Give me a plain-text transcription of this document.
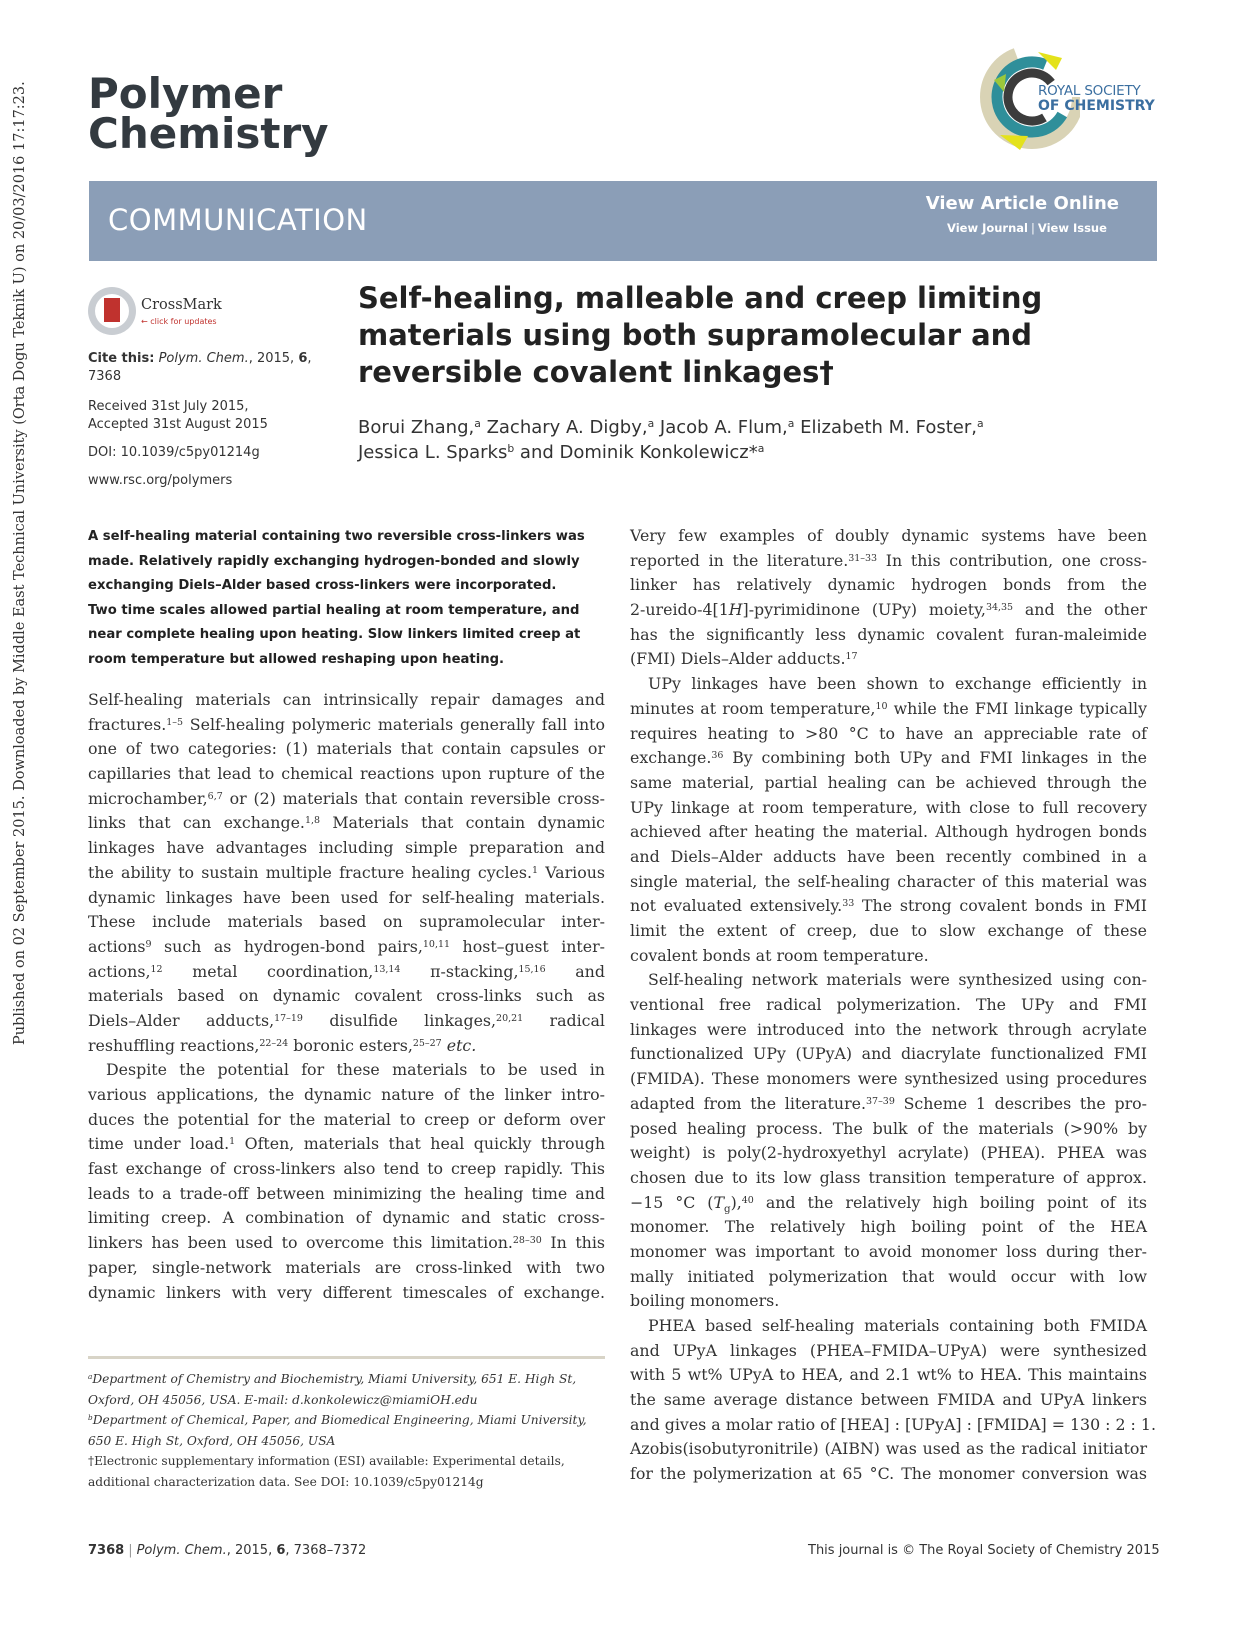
Published on 02 September 2015. Downloaded by Middle East Technical University (Orta Dogu Teknik U) on 20/03/2016 17:17:23. Polymer
Chemistry
ROYAL SOCIETY
OF CHEMISTRY
COMMUNICATION	View Article Online
View Journal | View Issue
CrossMark
← click for updates
Cite this: Polym. Chem., 2015, 6,
7368
Received 31st July 2015,
Accepted 31st August 2015
DOI: 10.1039/c5py01214g
www.rsc.org/polymers
Self-healing, malleable and creep limiting
materials using both supramolecular and
reversible covalent linkages†
Borui Zhang,$^a$ Zachary A. Digby,$^a$ Jacob A. Flum,$^a$ Elizabeth M. Foster,$^a$
Jessica L. Sparks$^b$ and Dominik Konkolewicz*$^a$
A self-healing material containing two reversible cross-linkers was
made. Relatively rapidly exchanging hydrogen-bonded and slowly
exchanging Diels–Alder based cross-linkers were incorporated.
Two time scales allowed partial healing at room temperature, and
near complete healing upon heating. Slow linkers limited creep at
room temperature but allowed reshaping upon heating.
Self-healing materials can intrinsically repair damages and
fractures.$^{1-5}$ Self-healing polymeric materials generally fall into
one of two categories: (1) materials that contain capsules or
capillaries that lead to chemical reactions upon rupture of the
microchamber,$^{6,7}$ or (2) materials that contain reversible cross-
links that can exchange.$^{1,8}$ Materials that contain dynamic
linkages have advantages including simple preparation and
the ability to sustain multiple fracture healing cycles.$^1$ Various
dynamic linkages have been used for self-healing materials.
These include materials based on supramolecular inter-
actions$^9$ such as hydrogen-bond pairs,$^{10,11}$ host–guest inter-
actions,$^{12}$ metal coordination,$^{13,14}$ π-stacking,$^{15,16}$ and
materials based on dynamic covalent cross-links such as
Diels–Alder adducts,$^{17-19}$ disulfide linkages,$^{20,21}$ radical
reshuffling reactions,$^{22-24}$ boronic esters,$^{25-27}$ etc.
Despite the potential for these materials to be used in
various applications, the dynamic nature of the linker intro-
duces the potential for the material to creep or deform over
time under load.$^1$ Often, materials that heal quickly through
fast exchange of cross-linkers also tend to creep rapidly. This
leads to a trade-off between minimizing the healing time and
limiting creep. A combination of dynamic and static cross-
linkers has been used to overcome this limitation.$^{28-30}$ In this
paper, single-network materials are cross-linked with two
dynamic linkers with very different timescales of exchange.
Very few examples of doubly dynamic systems have been
reported in the literature.$^{31-33}$ In this contribution, one cross-
linker has relatively dynamic hydrogen bonds from the
2-ureido-4[1H]-pyrimidinone (UPy) moiety,$^{34,35}$ and the other
has the significantly less dynamic covalent furan-maleimide
(FMI) Diels–Alder adducts.$^{17}$
UPy linkages have been shown to exchange efficiently in
minutes at room temperature,$^{10}$ while the FMI linkage typically
requires heating to >80 °C to have an appreciable rate of
exchange.$^{36}$ By combining both UPy and FMI linkages in the
same material, partial healing can be achieved through the
UPy linkage at room temperature, with close to full recovery
achieved after heating the material. Although hydrogen bonds
and Diels–Alder adducts have been recently combined in a
single material, the self-healing character of this material was
not evaluated extensively.$^{33}$ The strong covalent bonds in FMI
limit the extent of creep, due to slow exchange of these
covalent bonds at room temperature.
Self-healing network materials were synthesized using con-
ventional free radical polymerization. The UPy and FMI
linkages were introduced into the network through acrylate
functionalized UPy (UPyA) and diacrylate functionalized FMI
(FMIDA). These monomers were synthesized using procedures
adapted from the literature.$^{37-39}$ Scheme 1 describes the pro-
posed healing process. The bulk of the materials (>90% by
weight) is poly(2-hydroxyethyl acrylate) (PHEA). PHEA was
chosen due to its low glass transition temperature of approx.
−15 °C $(T_g),^{40}$ and the relatively high boiling point of its
monomer. The relatively high boiling point of the HEA
monomer was important to avoid monomer loss during ther-
mally initiated polymerization that would occur with low
boiling monomers.
PHEA based self-healing materials containing both FMIDA
and UPyA linkages (PHEA–FMIDA–UPyA) were synthesized
with 5 wt% UPyA to HEA, and 2.1 wt% to HEA. This maintains
the same average distance between FMIDA and UPyA linkers
and gives a molar ratio of [HEA] : [UPyA] : [FMIDA] = 130 : 2 : 1.
Azobis(isobutyronitrile) (AIBN) was used as the radical initiator
for the polymerization at 65 °C. The monomer conversion was
$^a$Department of Chemistry and Biochemistry, Miami University, 651 E. High St,
Oxford, OH 45056, USA. E-mail: d.konkolewicz@miamiOH.edu
$^b$Department of Chemical, Paper, and Biomedical Engineering, Miami University,
650 E. High St, Oxford, OH 45056, USA
†Electronic supplementary information (ESI) available: Experimental details,
additional characterization data. See DOI: 10.1039/c5py01214g
7368 | Polym. Chem., 2015, 6, 7368–7372	This journal is © The Royal Society of Chemistry 2015
